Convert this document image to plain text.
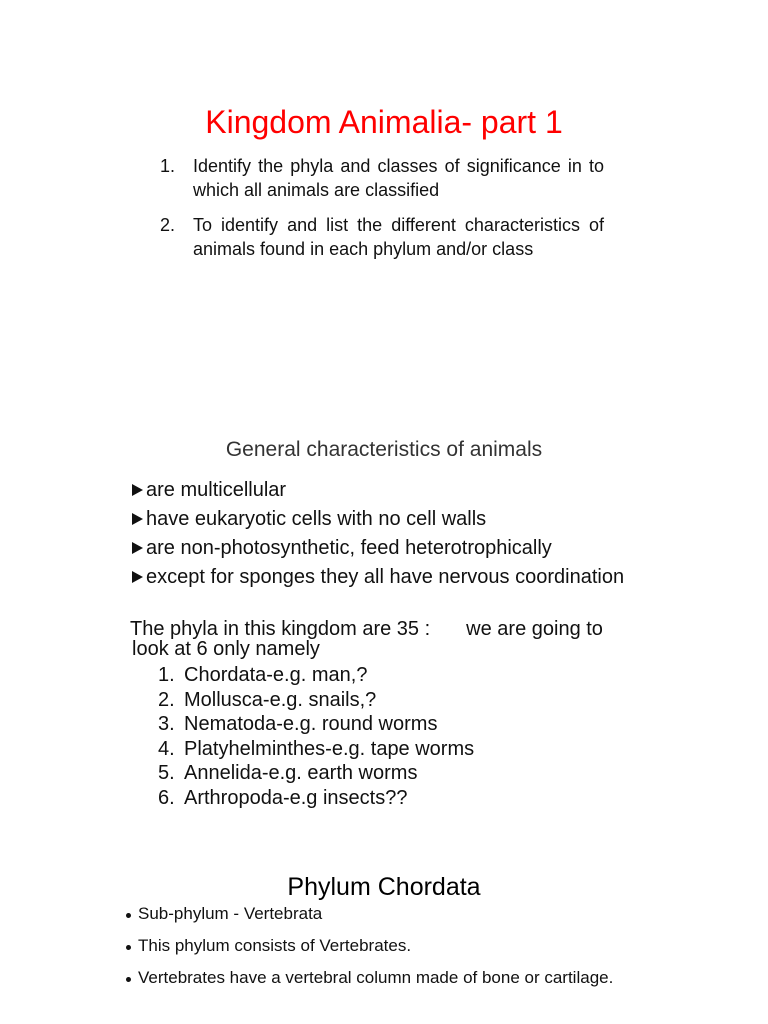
Kingdom Animalia- part 1
1. Identify the phyla and classes of significance in to which all animals are classified
2. To identify and list the different characteristics of animals found in each phylum and/or class
General characteristics of animals
are multicellular
have eukaryotic cells with no cell walls
are non-photosynthetic, feed heterotrophically
except for sponges they all have nervous coordination
The phyla in this kingdom are 35 : we are going to
look at 6 only namely
1. Chordata-e.g. man,?
2. Mollusca-e.g. snails,?
3. Nematoda-e.g. round worms
4. Platyhelminthes-e.g. tape worms
5. Annelida-e.g. earth worms
6. Arthropoda-e.g insects??
Phylum Chordata
Sub-phylum - Vertebrata
This phylum consists of Vertebrates.
Vertebrates have a vertebral column made of bone or cartilage.
